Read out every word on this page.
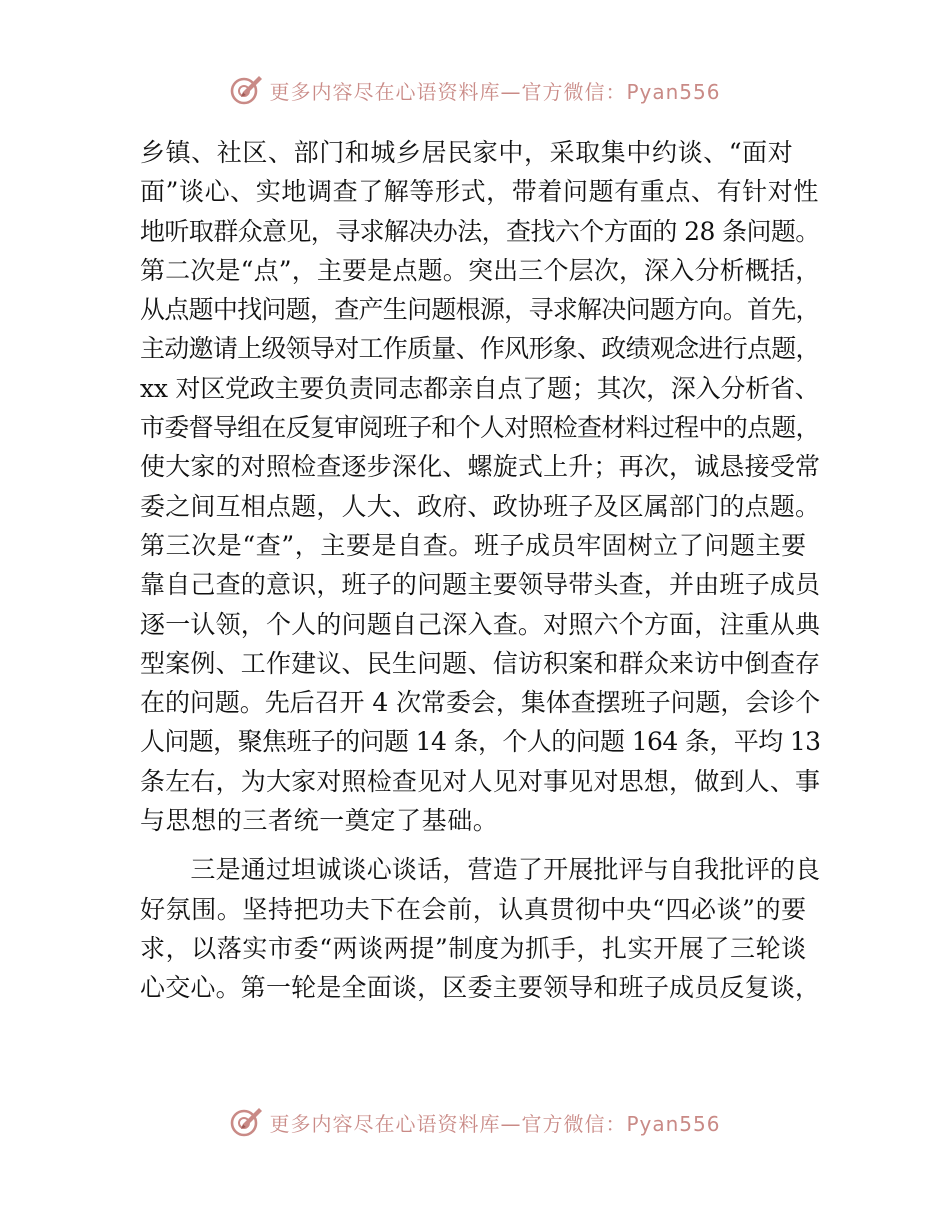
更多内容尽在心语资料库—官方微信：Pyan556

乡镇、社区、部门和城乡居民家中，采取集中约谈、“面对
面”谈心、实地调查了解等形式，带着问题有重点、有针对性
地听取群众意见，寻求解决办法，查找六个方面的 28 条问题。
第二次是“点”，主要是点题。突出三个层次，深入分析概括，
从点题中找问题，查产生问题根源，寻求解决问题方向。首先，
主动邀请上级领导对工作质量、作风形象、政绩观念进行点题，
xx 对区党政主要负责同志都亲自点了题；其次，深入分析省、
市委督导组在反复审阅班子和个人对照检查材料过程中的点题，
使大家的对照检查逐步深化、螺旋式上升；再次，诚恳接受常
委之间互相点题，人大、政府、政协班子及区属部门的点题。
第三次是“查”，主要是自查。班子成员牢固树立了问题主要
靠自己查的意识，班子的问题主要领导带头查，并由班子成员
逐一认领，个人的问题自己深入查。对照六个方面，注重从典
型案例、工作建议、民生问题、信访积案和群众来访中倒查存
在的问题。先后召开 4 次常委会，集体查摆班子问题，会诊个
人问题，聚焦班子的问题 14 条，个人的问题 164 条，平均 13
条左右，为大家对照检查见对人见对事见对思想，做到人、事
与思想的三者统一奠定了基础。

　　三是通过坦诚谈心谈话，营造了开展批评与自我批评的良
好氛围。坚持把功夫下在会前，认真贯彻中央“四必谈”的要
求，以落实市委“两谈两提”制度为抓手，扎实开展了三轮谈
心交心。第一轮是全面谈，区委主要领导和班子成员反复谈，

更多内容尽在心语资料库—官方微信：Pyan556
